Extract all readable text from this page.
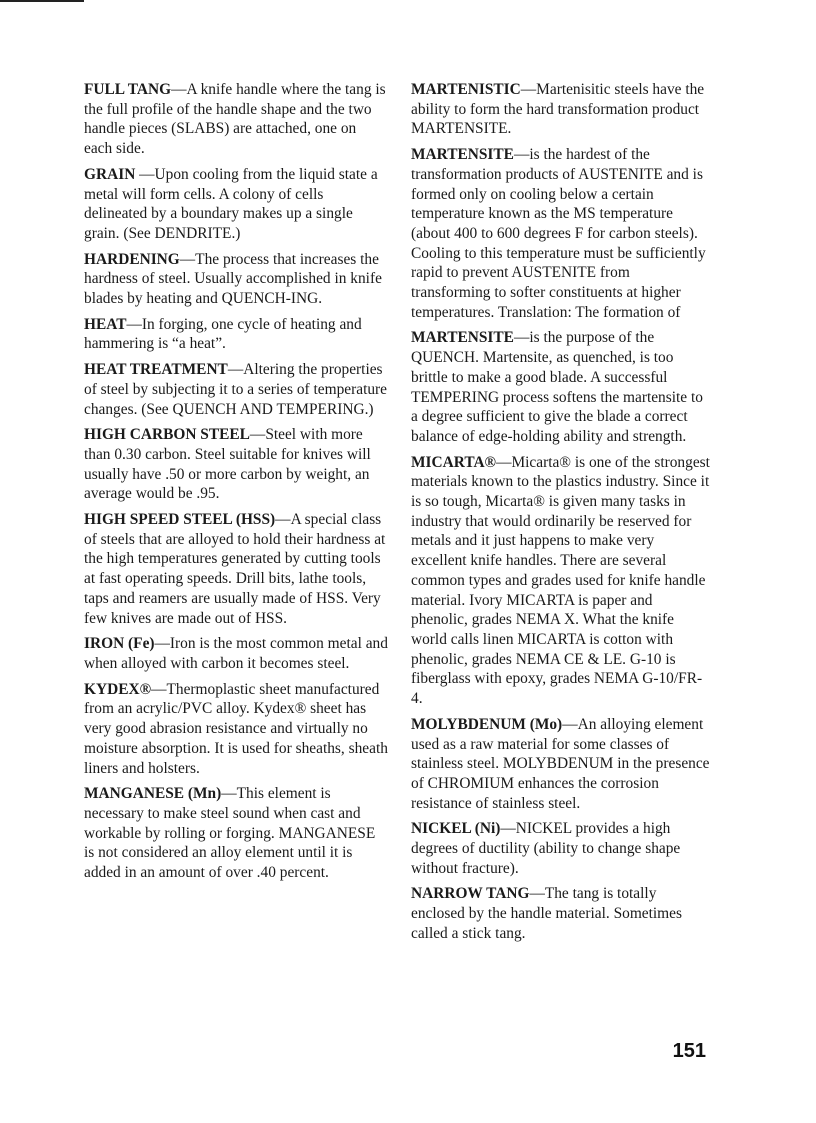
FULL TANG—A knife handle where the tang is the full profile of the handle shape and the two handle pieces (SLABS) are attached, one on each side.

GRAIN —Upon cooling from the liquid state a metal will form cells. A colony of cells delineated by a boundary makes up a single grain. (See DENDRITE.)

HARDENING—The process that increases the hardness of steel. Usually accomplished in knife blades by heating and QUENCH-ING.

HEAT—In forging, one cycle of heating and hammering is “a heat”.

HEAT TREATMENT—Altering the properties of steel by subjecting it to a series of temperature changes. (See QUENCH AND TEMPERING.)

HIGH CARBON STEEL—Steel with more than 0.30 carbon. Steel suitable for knives will usually have .50 or more carbon by weight, an average would be .95.

HIGH SPEED STEEL (HSS)—A special class of steels that are alloyed to hold their hardness at the high temperatures generated by cutting tools at fast operating speeds. Drill bits, lathe tools, taps and reamers are usually made of HSS. Very few knives are made out of HSS.

IRON (Fe)—Iron is the most common metal and when alloyed with carbon it becomes steel.

KYDEX®—Thermoplastic sheet manufactured from an acrylic/PVC alloy. Kydex® sheet has very good abrasion resistance and virtually no moisture absorption. It is used for sheaths, sheath liners and holsters.

MANGANESE (Mn)—This element is necessary to make steel sound when cast and workable by rolling or forging. MANGANESE is not considered an alloy element until it is added in an amount of over .40 percent.

MARTENISTIC—Martenisitic steels have the ability to form the hard transformation product MARTENSITE.

MARTENSITE—is the hardest of the transformation products of AUSTENITE and is formed only on cooling below a certain temperature known as the MS temperature (about 400 to 600 degrees F for carbon steels). Cooling to this temperature must be sufficiently rapid to prevent AUSTENITE from transforming to softer constituents at higher temperatures. Translation: The formation of

MARTENSITE—is the purpose of the QUENCH. Martensite, as quenched, is too brittle to make a good blade. A successful TEMPERING process softens the martensite to a degree sufficient to give the blade a correct balance of edge-holding ability and strength.

MICARTA®—Micarta® is one of the strongest materials known to the plastics industry. Since it is so tough, Micarta® is given many tasks in industry that would ordinarily be reserved for metals and it just happens to make very excellent knife handles. There are several common types and grades used for knife handle material. Ivory MICARTA is paper and phenolic, grades NEMA X. What the knife world calls linen MICARTA is cotton with phenolic, grades NEMA CE & LE. G-10 is fiberglass with epoxy, grades NEMA G-10/FR-4.

MOLYBDENUM (Mo)—An alloying element used as a raw material for some classes of stainless steel. MOLYBDENUM in the presence of CHROMIUM enhances the corrosion resistance of stainless steel.

NICKEL (Ni)—NICKEL provides a high degrees of ductility (ability to change shape without fracture).

NARROW TANG—The tang is totally enclosed by the handle material. Sometimes called a stick tang.

151
